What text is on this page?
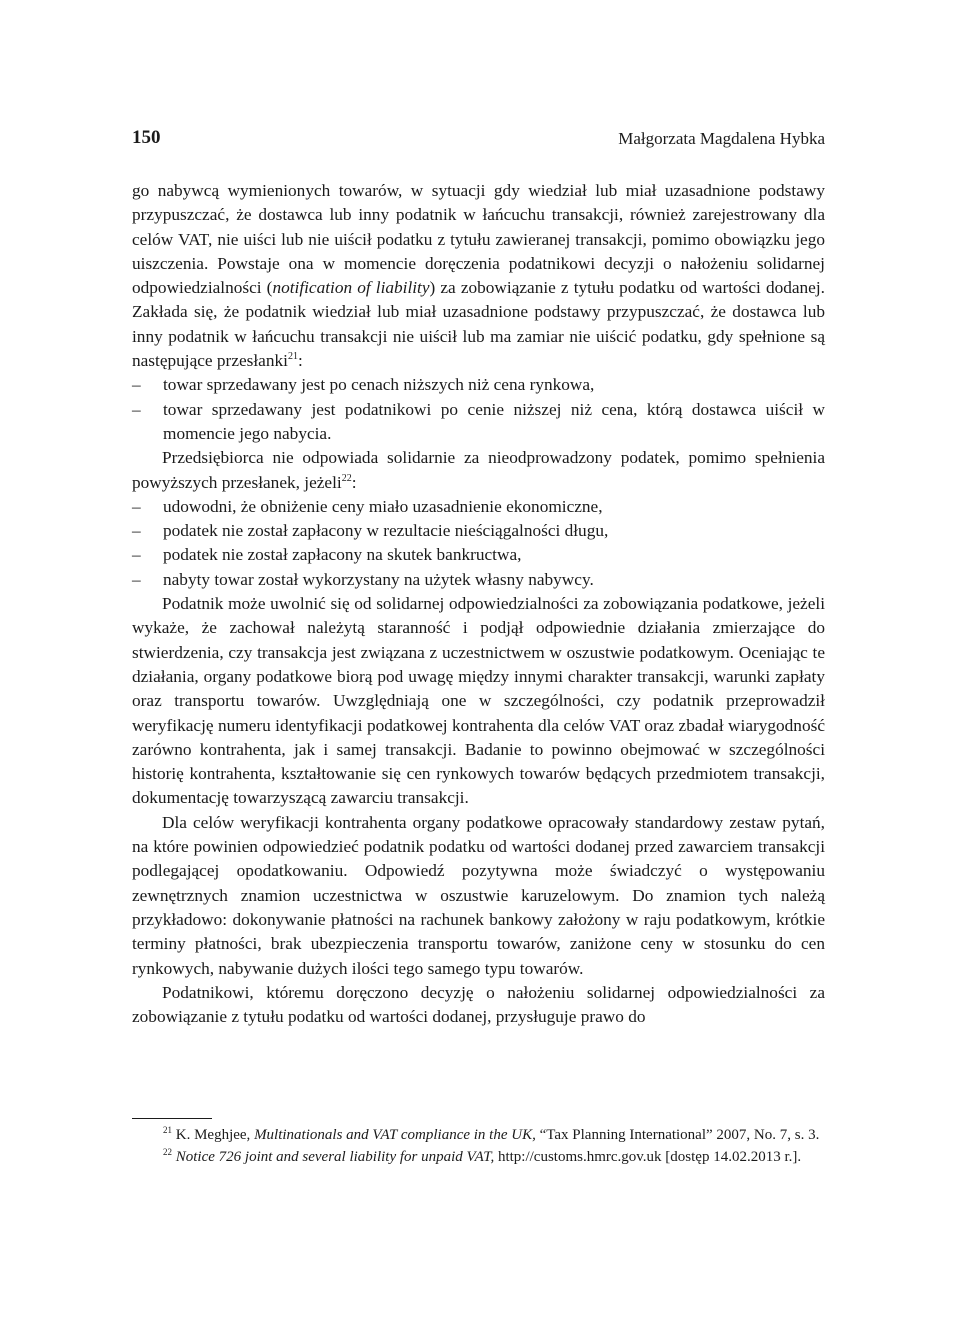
150	Małgorzata Magdalena Hybka

go nabywcą wymienionych towarów, w sytuacji gdy wiedział lub miał uzasadnione podstawy przypuszczać, że dostawca lub inny podatnik w łańcuchu transakcji, również zarejestrowany dla celów VAT, nie uiści lub nie uiścił podatku z tytułu zawieranej transakcji, pomimo obowiązku jego uiszczenia. Powstaje ona w momencie doręczenia podatnikowi decyzji o nałożeniu solidarnej odpowiedzialności (notification of liability) za zobowiązanie z tytułu podatku od wartości dodanej. Zakłada się, że podatnik wiedział lub miał uzasadnione podstawy przypuszczać, że dostawca lub inny podatnik w łańcuchu transakcji nie uiścił lub ma zamiar nie uiścić podatku, gdy spełnione są następujące przesłanki$^{21}$:

– towar sprzedawany jest po cenach niższych niż cena rynkowa,
– towar sprzedawany jest podatnikowi po cenie niższej niż cena, którą dostawca uiścił w momencie jego nabycia.

Przedsiębiorca nie odpowiada solidarnie za nieodprowadzony podatek, pomimo spełnienia powyższych przesłanek, jeżeli$^{22}$:

– udowodni, że obniżenie ceny miało uzasadnienie ekonomiczne,
– podatek nie został zapłacony w rezultacie nieściągalności długu,
– podatek nie został zapłacony na skutek bankructwa,
– nabyty towar został wykorzystany na użytek własny nabywcy.

Podatnik może uwolnić się od solidarnej odpowiedzialności za zobowiązania podatkowe, jeżeli wykaże, że zachował należytą staranność i podjął odpowiednie działania zmierzające do stwierdzenia, czy transakcja jest związana z uczestnictwem w oszustwie podatkowym. Oceniając te działania, organy podatkowe biorą pod uwagę między innymi charakter transakcji, warunki zapłaty oraz transportu towarów. Uwzględniają one w szczególności, czy podatnik przeprowadził weryfikację numeru identyfikacji podatkowej kontrahenta dla celów VAT oraz zbadał wiarygodność zarówno kontrahenta, jak i samej transakcji. Badanie to powinno obejmować w szczególności historię kontrahenta, kształtowanie się cen rynkowych towarów będących przedmiotem transakcji, dokumentację towarzyszącą zawarciu transakcji.

Dla celów weryfikacji kontrahenta organy podatkowe opracowały standardowy zestaw pytań, na które powinien odpowiedzieć podatnik podatku od wartości dodanej przed zawarciem transakcji podlegającej opodatkowaniu. Odpowiedź pozytywna może świadczyć o występowaniu zewnętrznych znamion uczestnictwa w oszustwie karuzelowym. Do znamion tych należą przykładowo: dokonywanie płatności na rachunek bankowy założony w raju podatkowym, krótkie terminy płatności, brak ubezpieczenia transportu towarów, zaniżone ceny w stosunku do cen rynkowych, nabywanie dużych ilości tego samego typu towarów.

Podatnikowi, któremu doręczono decyzję o nałożeniu solidarnej odpowiedzialności za zobowiązanie z tytułu podatku od wartości dodanej, przysługuje prawo do

$^{21}$ K. Meghjee, Multinationals and VAT compliance in the UK, “Tax Planning International” 2007, No. 7, s. 3.

$^{22}$ Notice 726 joint and several liability for unpaid VAT, http://customs.hmrc.gov.uk [dostęp 14.02.2013 r.].
